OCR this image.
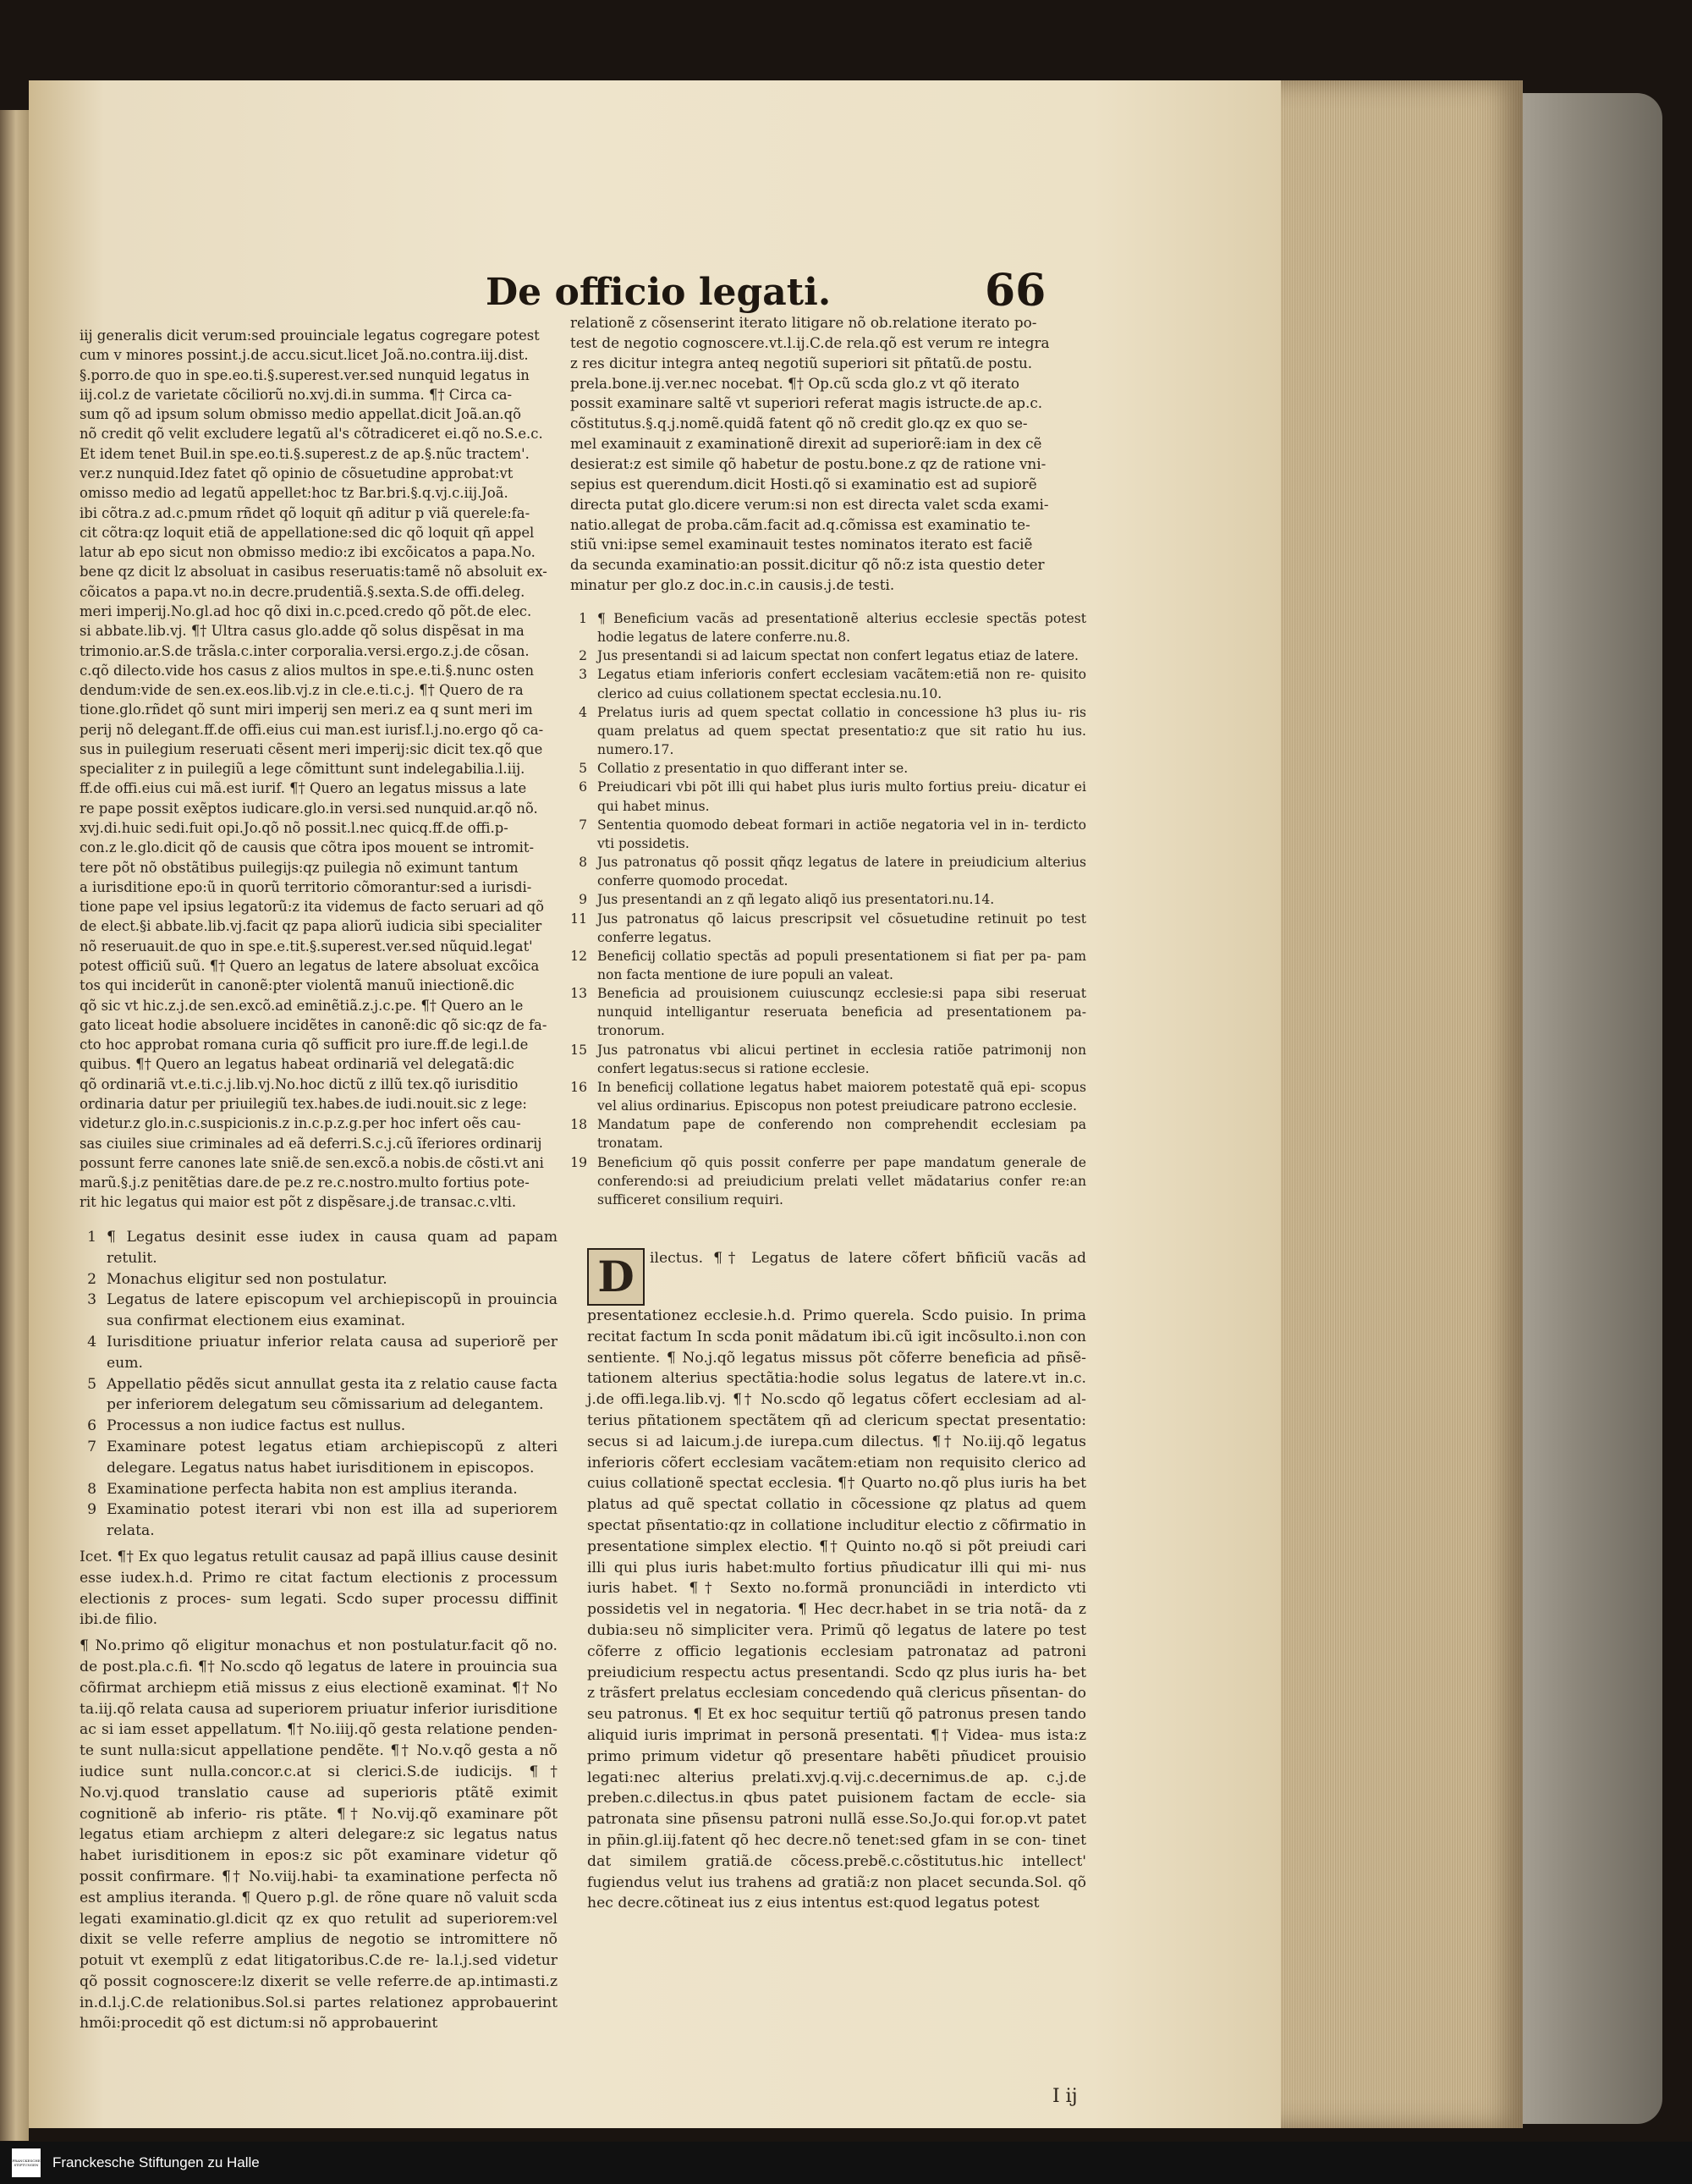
De officio legati.	66

iij generalis dicit verum:sed prouinciale legatus cogregare potest

cum v minores possint.j.de accu.sicut.licet Joã.no.contra.iij.dist.

§.porro.de quo in spe.eo.ti.§.superest.ver.sed nunquid legatus in

iij.col.z de varietate cõciliorũ no.xvj.di.in summa. ¶† Circa ca-

sum qõ ad ipsum solum obmisso medio appellat.dicit Joã.an.qõ

nõ credit qõ velit excludere legatũ al's cõtradiceret ei.qõ no.S.e.c.

Et idem tenet Buil.in spe.eo.ti.§.superest.z de ap.§.nũc tractem'.

ver.z nunquid.Idez fatet qõ opinio de cõsuetudine approbat:vt

omisso medio ad legatũ appellet:hoc tz Bar.bri.§.q.vj.c.iij.Joã.

ibi cõtra.z ad.c.pmum rñdet qõ loquit qñ aditur p viã querele:fa-

cit cõtra:qz loquit etiã de appellatione:sed dic qõ loquit qñ appel

latur ab epo sicut non obmisso medio:z ibi excõicatos a papa.No.

bene qz dicit lz absoluat in casibus reseruatis:tamẽ nõ absoluit ex-

cõicatos a papa.vt no.in decre.prudentiã.§.sexta.S.de offi.deleg.

meri imperij.No.gl.ad hoc qõ dixi in.c.pced.credo qõ põt.de elec.

si abbate.lib.vj. ¶† Ultra casus glo.adde qõ solus dispẽsat in ma

trimonio.ar.S.de trãsla.c.inter corporalia.versi.ergo.z.j.de cõsan.

c.qõ dilecto.vide hos casus z alios multos in spe.e.ti.§.nunc osten

dendum:vide de sen.ex.eos.lib.vj.z in cle.e.ti.c.j. ¶† Quero de ra

tione.glo.rñdet qõ sunt miri imperij sen meri.z ea q sunt meri im

perij nõ delegant.ff.de offi.eius cui man.est iurisf.l.j.no.ergo qõ ca-

sus in puilegium reseruati cẽsent meri imperij:sic dicit tex.qõ que

specialiter z in puilegiũ a lege cõmittunt sunt indelegabilia.l.iij.

ff.de offi.eius cui mã.est iurif. ¶† Quero an legatus missus a late

re pape possit exẽptos iudicare.glo.in versi.sed nunquid.ar.qõ nõ.

xvj.di.huic sedi.fuit opi.Jo.qõ nõ possit.l.nec quicq.ff.de offi.p-

con.z le.glo.dicit qõ de causis que cõtra ipos mouent se intromit-

tere põt nõ obstãtibus puilegijs:qz puilegia nõ eximunt tantum

a iurisditione epo:ũ in quorũ territorio cõmorantur:sed a iurisdi-

tione pape vel ipsius legatorũ:z ita videmus de facto seruari ad qõ

de elect.§i abbate.lib.vj.facit qz papa aliorũ iudicia sibi specialiter

nõ reseruauit.de quo in spe.e.tit.§.superest.ver.sed nũquid.legat'

potest officiũ suũ. ¶† Quero an legatus de latere absoluat excõica

tos qui inciderũt in canonẽ:pter violentã manuũ iniectionẽ.dic

qõ sic vt hic.z.j.de sen.excõ.ad eminẽtiã.z.j.c.pe. ¶† Quero an le

gato liceat hodie absoluere incidẽtes in canonẽ:dic qõ sic:qz de fa-

cto hoc approbat romana curia qõ sufficit pro iure.ff.de legi.l.de

quibus. ¶† Quero an legatus habeat ordinariã vel delegatã:dic

qõ ordinariã vt.e.ti.c.j.lib.vj.No.hoc dictũ z illũ tex.qõ iurisditio

ordinaria datur per priuilegiũ tex.habes.de iudi.nouit.sic z lege:

videtur.z glo.in.c.suspicionis.z in.c.p.z.g.per hoc infert oẽs cau-

sas ciuiles siue criminales ad eã deferri.S.c.j.cũ ĩferiores ordinarij

possunt ferre canones late sniẽ.de sen.excõ.a nobis.de cõsti.vt ani

marũ.§.j.z penitẽtias dare.de pe.z re.c.nostro.multo fortius pote-

rit hic legatus qui maior est põt z dispẽsare.j.de transac.c.vlti.

1 ¶ Legatus desinit esse iudex in causa quam ad papam retulit.
2 Monachus eligitur sed non postulatur.
3 Legatus de latere episcopum vel archiepiscopũ in prouincia sua confirmat electionem eius examinat.
4 Iurisditione priuatur inferior relata causa ad superiorẽ per eum.
5 Appellatio pẽdẽs sicut annullat gesta ita z relatio cause facta per inferiorem delegatum seu cõmissarium ad delegantem.
6 Processus a non iudice factus est nullus.
7 Examinare potest legatus etiam archiepiscopũ z alteri delegare. Legatus natus habet iurisditionem in episcopos.
8 Examinatione perfecta habita non est amplius iteranda.
9 Examinatio potest iterari vbi non est illa ad superiorem relata.

Icet. ¶† Ex quo legatus retulit causaz ad papã illius cause desinit esse iudex.h.d. Primo re citat factum electionis z processum electionis z proces- sum legati. Scdo super processu diffinit ibi.de filio.

¶ No.primo qõ eligitur monachus et non postulatur.facit qõ no. de post.pla.c.fi. ¶† No.scdo qõ legatus de latere in prouincia sua cõfirmat archiepm etiã missus z eius electionẽ examinat. ¶† No ta.iij.qõ relata causa ad superiorem priuatur inferior iurisditione ac si iam esset appellatum. ¶† No.iiij.qõ gesta relatione penden- te sunt nulla:sicut appellatione pendẽte. ¶† No.v.qõ gesta a nõ iudice sunt nulla.concor.c.at si clerici.S.de iudicijs. ¶† No.vj.quod translatio cause ad superioris ptãtẽ eximit cognitionẽ ab inferio- ris ptãte. ¶† No.vij.qõ examinare põt legatus etiam archiepm z alteri delegare:z sic legatus natus habet iurisditionem in epos:z sic põt examinare videtur qõ possit confirmare. ¶† No.viij.habi- ta examinatione perfecta nõ est amplius iteranda. ¶ Quero p.gl. de rõne quare nõ valuit scda legati examinatio.gl.dicit qz ex quo retulit ad superiorem:vel dixit se velle referre amplius de negotio se intromittere nõ potuit vt exemplũ z edat litigatoribus.C.de re- la.l.j.sed videtur qõ possit cognoscere:lz dixerit se velle referre.de ap.intimasti.z in.d.l.j.C.de relationibus.Sol.si partes relationez approbauerint hmõi:procedit qõ est dictum:si nõ approbauerint

relationẽ z cõsenserint iterato litigare nõ ob.relatione iterato po-

test de negotio cognoscere.vt.l.ij.C.de rela.qõ est verum re integra

z res dicitur integra anteq negotiũ superiori sit pñtatũ.de postu.

prela.bone.ij.ver.nec nocebat. ¶† Op.cũ scda glo.z vt qõ iterato

possit examinare saltẽ vt superiori referat magis istructe.de ap.c.

cõstitutus.§.q.j.nomẽ.quidã fatent qõ nõ credit glo.qz ex quo se-

mel examinauit z examinationẽ direxit ad superiorẽ:iam in dex cẽ

desierat:z est simile qõ habetur de postu.bone.z qz de ratione vni-

sepius est querendum.dicit Hosti.qõ si examinatio est ad supiorẽ

directa putat glo.dicere verum:si non est directa valet scda exami-

natio.allegat de proba.cãm.facit ad.q.cõmissa est examinatio te-

stiũ vni:ipse semel examinauit testes nominatos iterato est faciẽ

da secunda examinatio:an possit.dicitur qõ nõ:z ista questio deter

minatur per glo.z doc.in.c.in causis.j.de testi.

1 ¶ Beneficium vacãs ad presentationẽ alterius ecclesie spectãs potest hodie legatus de latere conferre.nu.8.
2 Jus presentandi si ad laicum spectat non confert legatus etiaz de latere.
3 Legatus etiam inferioris confert ecclesiam vacãtem:etiã non re- quisito clerico ad cuius collationem spectat ecclesia.nu.10.
4 Prelatus iuris ad quem spectat collatio in concessione h3 plus iu- ris quam prelatus ad quem spectat presentatio:z que sit ratio hu ius. numero.17.
5 Collatio z presentatio in quo differant inter se.
6 Preiudicari vbi põt illi qui habet plus iuris multo fortius preiu- dicatur ei qui habet minus.
7 Sententia quomodo debeat formari in actiõe negatoria vel in in- terdicto vti possidetis.
8 Jus patronatus qõ possit qñqz legatus de latere in preiudicium alterius conferre quomodo procedat.
9 Jus presentandi an z qñ legato aliqõ ius presentatori.nu.14.
11 Jus patronatus qõ laicus prescripsit vel cõsuetudine retinuit po test conferre legatus.
12 Beneficij collatio spectãs ad populi presentationem si fiat per pa- pam non facta mentione de iure populi an valeat.
13 Beneficia ad prouisionem cuiuscunqz ecclesie:si papa sibi reseruat nunquid intelligantur reseruata beneficia ad presentationem pa- tronorum.
15 Jus patronatus vbi alicui pertinet in ecclesia ratiõe patrimonij non confert legatus:secus si ratione ecclesie.
16 In beneficij collatione legatus habet maiorem potestatẽ quã epi- scopus vel alius ordinarius. Episcopus non potest preiudicare patrono ecclesie.
18 Mandatum pape de conferendo non comprehendit ecclesiam pa tronatam.
19 Beneficium qõ quis possit conferre per pape mandatum generale de conferendo:si ad preiudicium prelati vellet mãdatarius confer re:an sufficeret consilium requiri.
D ilectus. ¶† Legatus de latere cõfert bñficiũ vacãs ad presentationez ecclesie.h.d. Primo querela. Scdo puisio. In prima recitat factum In scda ponit mãdatum ibi.cũ igit incõsulto.i.non con sentiente. ¶ No.j.qõ legatus missus põt cõferre beneficia ad pñsẽ- tationem alterius spectãtia:hodie solus legatus de latere.vt in.c. j.de offi.lega.lib.vj. ¶† No.scdo qõ legatus cõfert ecclesiam ad al- terius pñtationem spectãtem qñ ad clericum spectat presentatio: secus si ad laicum.j.de iurepa.cum dilectus. ¶† No.iij.qõ legatus inferioris cõfert ecclesiam vacãtem:etiam non requisito clerico ad cuius collationẽ spectat ecclesia. ¶† Quarto no.qõ plus iuris ha bet platus ad quẽ spectat collatio in cõcessione qz platus ad quem spectat pñsentatio:qz in collatione includitur electio z cõfirmatio in presentatione simplex electio. ¶† Quinto no.qõ si põt preiudi cari illi qui plus iuris habet:multo fortius pñudicatur illi qui mi- nus iuris habet. ¶† Sexto no.formã pronunciãdi in interdicto vti possidetis vel in negatoria. ¶ Hec decr.habet in se tria notã- da z dubia:seu nõ simpliciter vera. Primũ qõ legatus de latere po test cõferre z officio legationis ecclesiam patronataz ad patroni preiudicium respectu actus presentandi. Scdo qz plus iuris ha- bet z trãsfert prelatus ecclesiam concedendo quã clericus pñsentan- do seu patronus. ¶ Et ex hoc sequitur tertiũ qõ patronus presen tando aliquid iuris imprimat in personã presentati. ¶† Videa- mus ista:z primo primum videtur qõ presentare habẽti pñudicet prouisio legati:nec alterius prelati.xvj.q.vij.c.decernimus.de ap. c.j.de preben.c.dilectus.in qbus patet puisionem factam de eccle- sia patronata sine pñsensu patroni nullã esse.So.Jo.qui for.op.vt patet in pñin.gl.iij.fatent qõ hec decre.nõ tenet:sed gfam in se con- tinet dat similem gratiã.de cõcess.prebẽ.c.cõstitutus.hic intellect' fugiendus velut ius trahens ad gratiã:z non placet secunda.Sol. qõ hec decre.cõtineat ius z eius intentus est:quod legatus potest
I ij
FRANCKESCHE STIFTUNGEN Franckesche Stiftungen zu Halle
